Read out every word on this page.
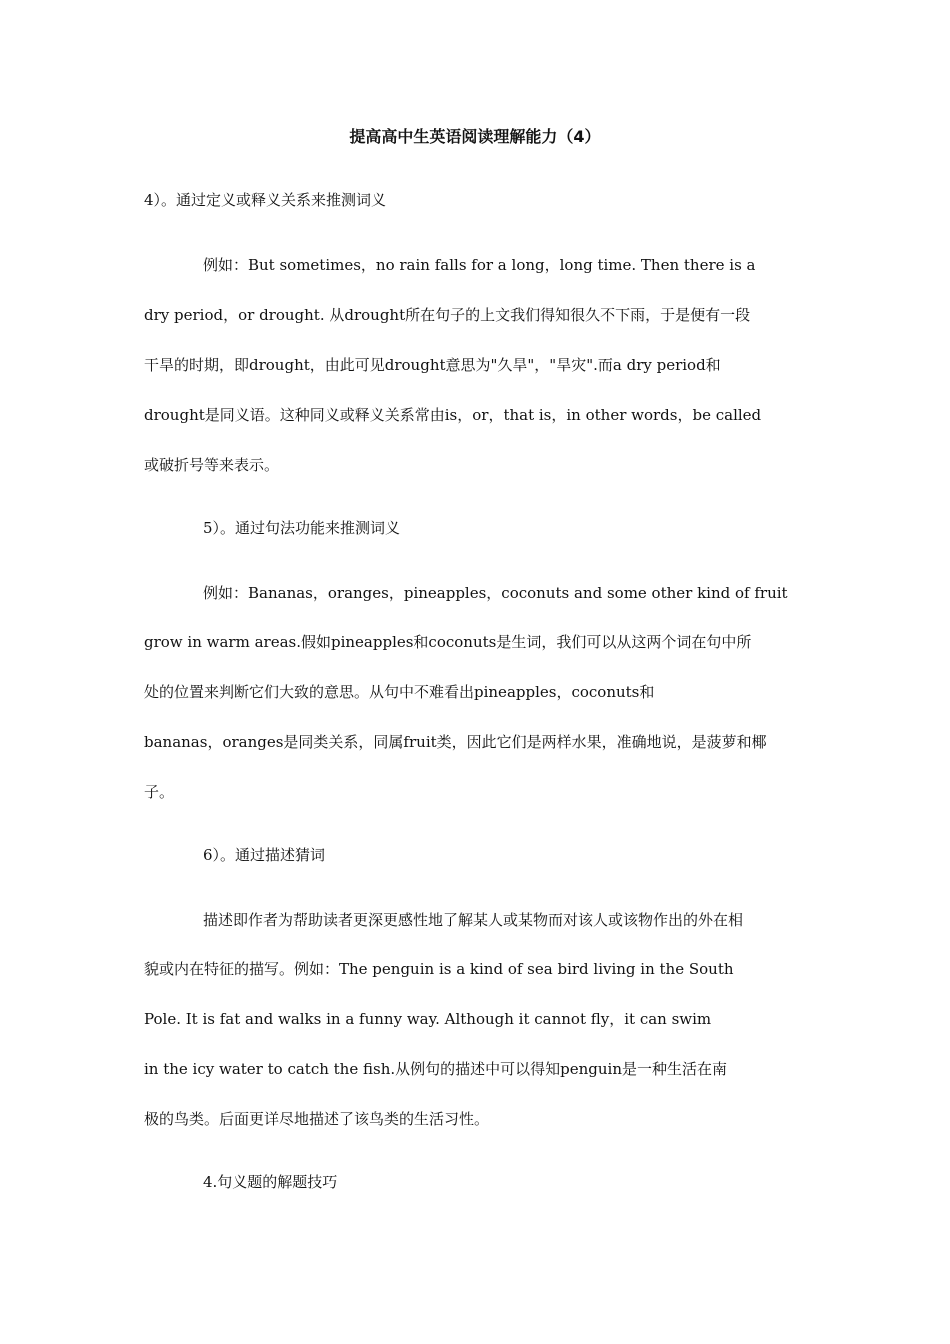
提高高中生英语阅读理解能力（4）
4）。通过定义或释义关系来推测词义
例如：But sometimes，no rain falls for a long，long time. Then there is a
dry period，or drought. 从drought所在句子的上文我们得知很久不下雨，于是便有一段
干旱的时期，即drought，由此可见drought意思为"久旱"，"旱灾".而a dry period和
drought是同义语。这种同义或释义关系常由is，or，that is，in other words，be called
或破折号等来表示。
5）。通过句法功能来推测词义
例如：Bananas，oranges，pineapples，coconuts and some other kind of fruit
grow in warm areas.假如pineapples和coconuts是生词，我们可以从这两个词在句中所
处的位置来判断它们大致的意思。从句中不难看出pineapples，coconuts和
bananas，oranges是同类关系，同属fruit类，因此它们是两样水果，准确地说，是菠萝和椰
子。
6）。通过描述猜词
描述即作者为帮助读者更深更感性地了解某人或某物而对该人或该物作出的外在相
貌或内在特征的描写。例如：The penguin is a kind of sea bird living in the South
Pole. It is fat and walks in a funny way. Although it cannot fly，it can swim
in the icy water to catch the fish.从例句的描述中可以得知penguin是一种生活在南
极的鸟类。后面更详尽地描述了该鸟类的生活习性。
4.句义题的解题技巧
